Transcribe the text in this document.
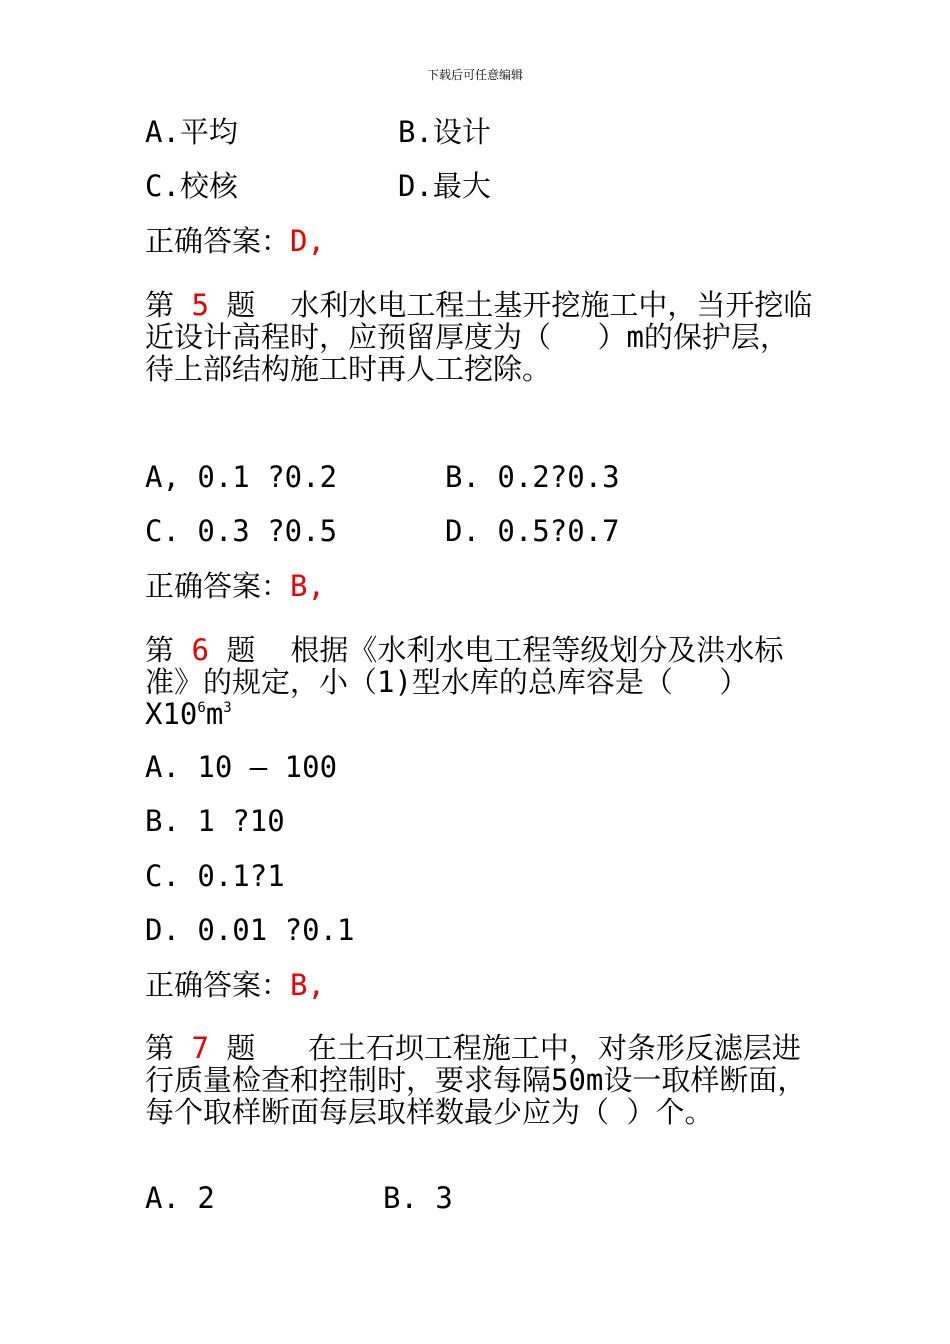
下载后可任意编辑
A.平均	B.设计
C.校核	D.最大
正确答案：D,
第 5 题 水利水电工程土基开挖施工中，当开挖临近设计高程时，应预留厚度为（　 ）m的保护层，　待上部结构施工时再人工挖除。
A, 0.1 ?0.2	B. 0.2?0.3
C. 0.3 ?0.5	D. 0.5?0.7
正确答案：B,
第 6 题 根据《水利水电工程等级划分及洪水标准》的规定，小（1)型水库的总库容是（　 ）$X10^6m^3$
A. 10 — 100
B. 1 ?10
C. 0.1?1
D. 0.01 ?0.1
正确答案：B,
第 7 题 在土石坝工程施工中，对条形反滤层进行质量检查和控制时，要求每隔50m设一取样断面，　每个取样断面每层取样数最少应为（ ）个。
A. 2	B. 3
